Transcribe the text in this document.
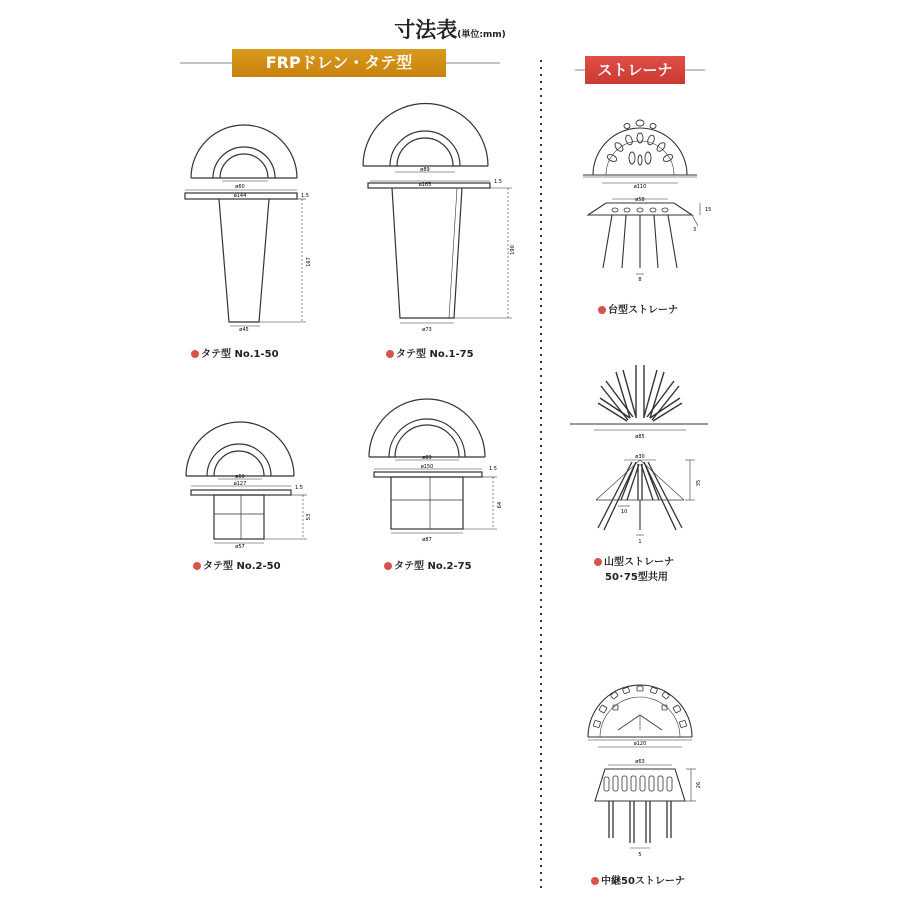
寸法表(単位:mm)
ø60
ø144
ø45
1.5
167
ø89
ø165
ø73
1.5
190
ø60
ø127
ø57
1.5
53
ø89
ø150
ø87
1.5
64
ø110
ø58
15
3
8
ø85
ø30
35
10
1
ø120
ø63
26
5
FRPドレン・タテ型	ストレーナ
タテ型 No.1-50	タテ型 No.1-75
タテ型 No.2-50	タテ型 No.2-75
台型ストレーナ
山型ストレーナ
50･75型共用
中継50ストレーナ
